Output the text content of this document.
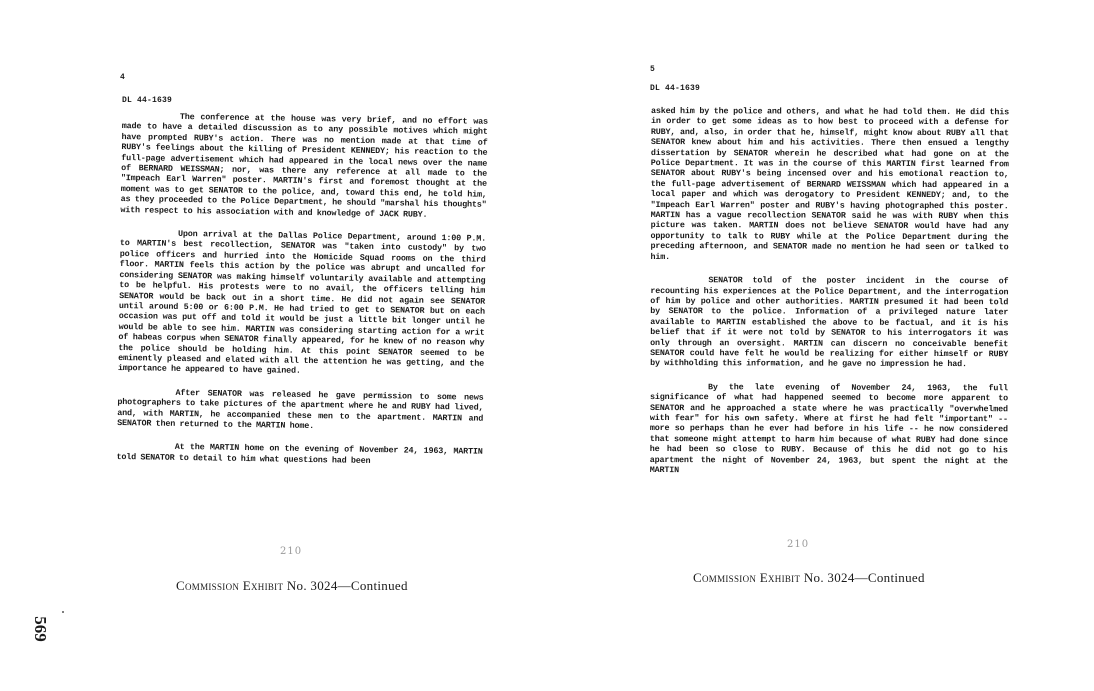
4
DL 44-1639

The conference at the house was very brief, and no effort was made to have a detailed discussion as to any possible motives which might have prompted RUBY's action. There was no mention made at that time of RUBY's feelings about the killing of President KENNEDY; his reaction to the full-page advertisement which had appeared in the local news over the name of BERNARD WEISSMAN; nor, was there any reference at all made to the "Impeach Earl Warren" poster. MARTIN's first and foremost thought at the moment was to get SENATOR to the police, and, toward this end, he told him, as they proceeded to the Police Department, he should "marshal his thoughts" with respect to his association with and knowledge of JACK RUBY.

Upon arrival at the Dallas Police Department, around 1:00 P.M. to MARTIN's best recollection, SENATOR was "taken into custody" by two police officers and hurried into the Homicide Squad rooms on the third floor. MARTIN feels this action by the police was abrupt and uncalled for considering SENATOR was making himself voluntarily available and attempting to be helpful. His protests were to no avail, the officers telling him SENATOR would be back out in a short time. He did not again see SENATOR until around 5:00 or 6:00 P.M. He had tried to get to SENATOR but on each occasion was put off and told it would be just a little bit longer until he would be able to see him. MARTIN was considering starting action for a writ of habeas corpus when SENATOR finally appeared, for he knew of no reason why the police should be holding him. At this point SENATOR seemed to be eminently pleased and elated with all the attention he was getting, and the importance he appeared to have gained.

After SENATOR was released he gave permission to some news photographers to take pictures of the apartment where he and RUBY had lived, and, with MARTIN, he accompanied these men to the apartment. MARTIN and SENATOR then returned to the MARTIN home.

At the MARTIN home on the evening of November 24, 1963, MARTIN told SENATOR to detail to him what questions had been

210
Commission Exhibit No. 3024—Continued
5
DL 44-1639

asked him by the police and others, and what he had told them. He did this in order to get some ideas as to how best to proceed with a defense for RUBY, and, also, in order that he, himself, might know about RUBY all that SENATOR knew about him and his activities. There then ensued a lengthy dissertation by SENATOR wherein he described what had gone on at the Police Department. It was in the course of this MARTIN first learned from SENATOR about RUBY's being incensed over and his emotional reaction to, the full-page advertisement of BERNARD WEISSMAN which had appeared in a local paper and which was derogatory to President KENNEDY; and, to the "Impeach Earl Warren" poster and RUBY's having photographed this poster. MARTIN has a vague recollection SENATOR said he was with RUBY when this picture was taken. MARTIN does not believe SENATOR would have had any opportunity to talk to RUBY while at the Police Department during the preceding afternoon, and SENATOR made no mention he had seen or talked to him.

SENATOR told of the poster incident in the course of recounting his experiences at the Police Department, and the interrogation of him by police and other authorities. MARTIN presumed it had been told by SENATOR to the police. Information of a privileged nature later available to MARTIN established the above to be factual, and it is his belief that if it were not told by SENATOR to his interrogators it was only through an oversight. MARTIN can discern no conceivable benefit SENATOR could have felt he would be realizing for either himself or RUBY by withholding this information, and he gave no impression he had.

By the late evening of November 24, 1963, the full significance of what had happened seemed to become more apparent to SENATOR and he approached a state where he was practically "overwhelmed with fear" for his own safety. Where at first he had felt "important" -- more so perhaps than he ever had before in his life -- he now considered that someone might attempt to harm him because of what RUBY had done since he had been so close to RUBY. Because of this he did not go to his apartment the night of November 24, 1963, but spent the night at the MARTIN

210
Commission Exhibit No. 3024—Continued
569
